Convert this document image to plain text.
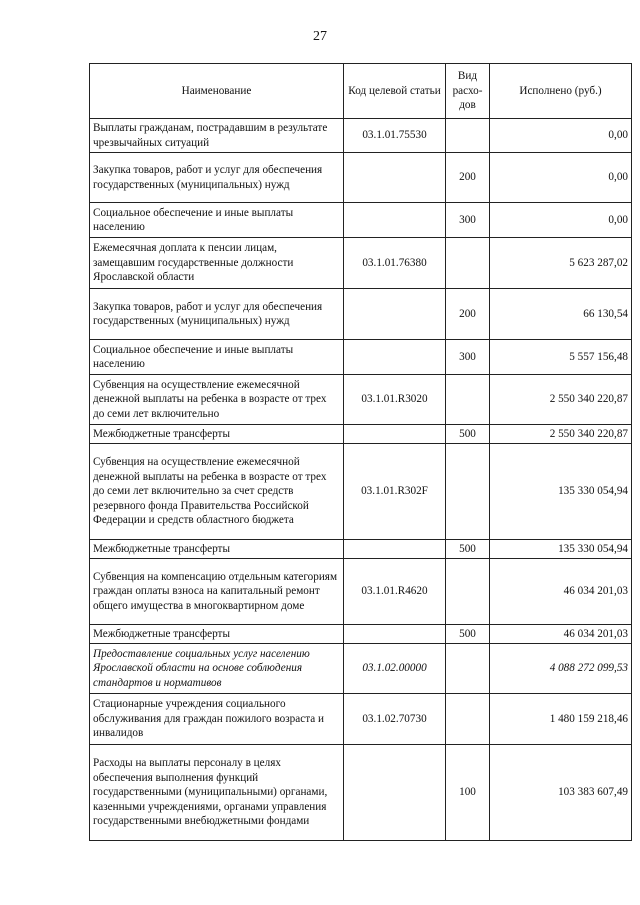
27
Наименование	Код целевой статьи	Вид расхо-дов	Исполнено (руб.)
Выплаты гражданам, пострадавшим в результате чрезвычайных ситуаций	03.1.01.75530		0,00
Закупка товаров, работ и услуг для обеспечения государственных (муниципальных) нужд		200	0,00
Социальное обеспечение и иные выплаты населению		300	0,00
Ежемесячная доплата к пенсии лицам, замещавшим государственные должности Ярославской области	03.1.01.76380		5 623 287,02
Закупка товаров, работ и услуг для обеспечения государственных (муниципальных) нужд		200	66 130,54
Социальное обеспечение и иные выплаты населению		300	5 557 156,48
Субвенция на осуществление ежемесячной денежной выплаты на ребенка в возрасте от трех до семи лет включительно	03.1.01.R3020		2 550 340 220,87
Межбюджетные трансферты		500	2 550 340 220,87
Субвенция на осуществление ежемесячной денежной выплаты на ребенка в возрасте от трех до семи лет включительно за счет средств резервного фонда Правительства Российской Федерации и средств областного бюджета	03.1.01.R302F		135 330 054,94
Межбюджетные трансферты		500	135 330 054,94
Субвенция на компенсацию отдельным категориям граждан оплаты взноса на капитальный ремонт общего имущества в многоквартирном доме	03.1.01.R4620		46 034 201,03
Межбюджетные трансферты		500	46 034 201,03
Предоставление социальных услуг населению Ярославской области на основе соблюдения стандартов и нормативов	03.1.02.00000		4 088 272 099,53
Стационарные учреждения социального обслуживания для граждан пожилого возраста и инвалидов	03.1.02.70730		1 480 159 218,46
Расходы на выплаты персоналу в целях обеспечения выполнения функций государственными (муниципальными) органами, казенными учреждениями, органами управления государственными внебюджетными фондами		100	103 383 607,49
